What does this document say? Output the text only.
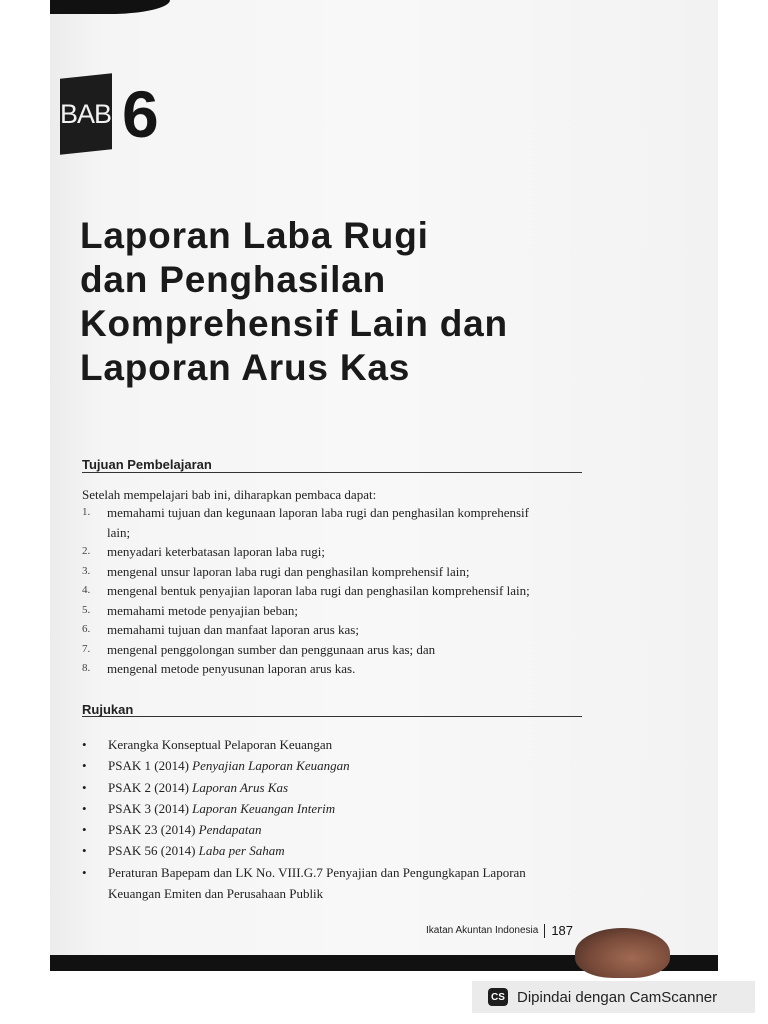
BAB 6
Laporan Laba Rugi
dan Penghasilan
Komprehensif Lain dan
Laporan Arus Kas
Tujuan Pembelajaran

Setelah mempelajari bab ini, diharapkan pembaca dapat:

1. memahami tujuan dan kegunaan laporan laba rugi dan penghasilan komprehensif
lain;
2. menyadari keterbatasan laporan laba rugi;
3. mengenal unsur laporan laba rugi dan penghasilan komprehensif lain;
4. mengenal bentuk penyajian laporan laba rugi dan penghasilan komprehensif lain;
5. memahami metode penyajian beban;
6. memahami tujuan dan manfaat laporan arus kas;
7. mengenal penggolongan sumber dan penggunaan arus kas; dan
8. mengenal metode penyusunan laporan arus kas.
Rujukan
• Kerangka Konseptual Pelaporan Keuangan
• PSAK 1 (2014) Penyajian Laporan Keuangan
• PSAK 2 (2014) Laporan Arus Kas
• PSAK 3 (2014) Laporan Keuangan Interim
• PSAK 23 (2014) Pendapatan
• PSAK 56 (2014) Laba per Saham
• Peraturan Bapepam dan LK No. VIII.G.7 Penyajian dan Pengungkapan Laporan
Keuangan Emiten dan Perusahaan Publik
Ikatan Akuntan Indonesia 187
CS Dipindai dengan CamScanner
